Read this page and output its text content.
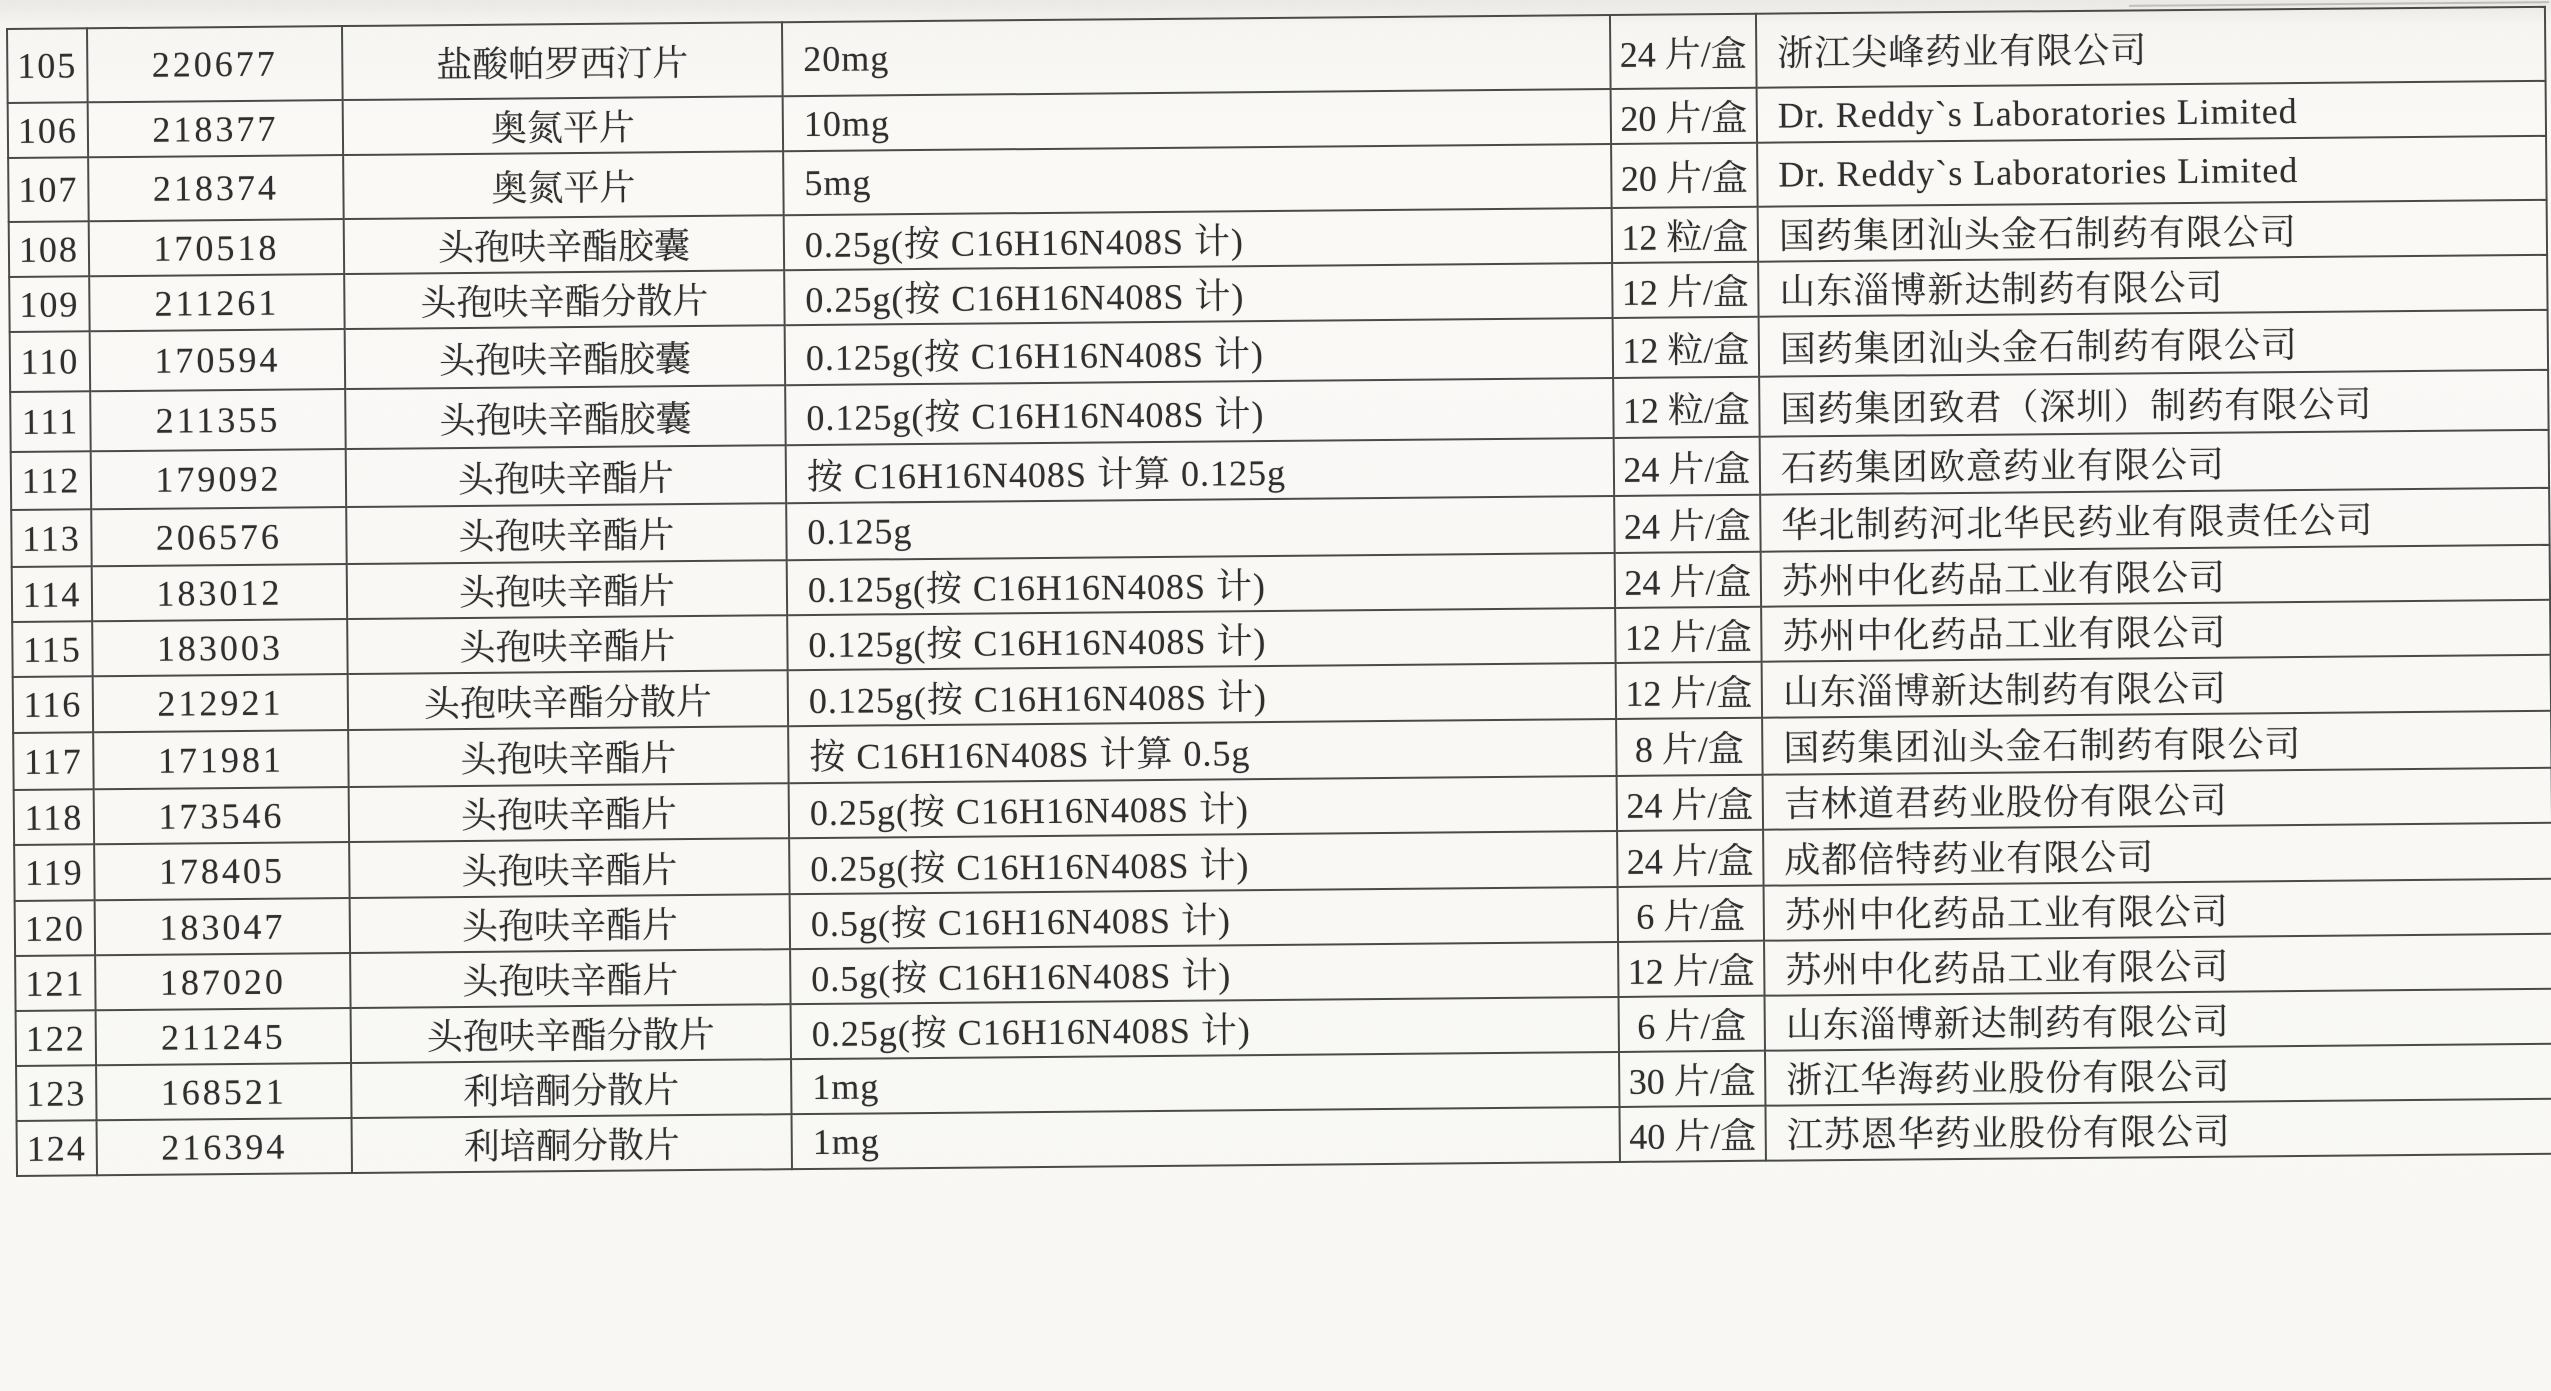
105	220677	盐酸帕罗西汀片	20mg	24 片/盒	浙江尖峰药业有限公司
106	218377	奥氮平片	10mg	20 片/盒	Dr. Reddy`s Laboratories Limited
107	218374	奥氮平片	5mg	20 片/盒	Dr. Reddy`s Laboratories Limited
108	170518	头孢呋辛酯胶囊	0.25g(按 C16H16N408S 计)	12 粒/盒	国药集团汕头金石制药有限公司
109	211261	头孢呋辛酯分散片	0.25g(按 C16H16N408S 计)	12 片/盒	山东淄博新达制药有限公司
110	170594	头孢呋辛酯胶囊	0.125g(按 C16H16N408S 计)	12 粒/盒	国药集团汕头金石制药有限公司
111	211355	头孢呋辛酯胶囊	0.125g(按 C16H16N408S 计)	12 粒/盒	国药集团致君（深圳）制药有限公司
112	179092	头孢呋辛酯片	按 C16H16N408S 计算 0.125g	24 片/盒	石药集团欧意药业有限公司
113	206576	头孢呋辛酯片	0.125g	24 片/盒	华北制药河北华民药业有限责任公司
114	183012	头孢呋辛酯片	0.125g(按 C16H16N408S 计)	24 片/盒	苏州中化药品工业有限公司
115	183003	头孢呋辛酯片	0.125g(按 C16H16N408S 计)	12 片/盒	苏州中化药品工业有限公司
116	212921	头孢呋辛酯分散片	0.125g(按 C16H16N408S 计)	12 片/盒	山东淄博新达制药有限公司
117	171981	头孢呋辛酯片	按 C16H16N408S 计算 0.5g	8 片/盒	国药集团汕头金石制药有限公司
118	173546	头孢呋辛酯片	0.25g(按 C16H16N408S 计)	24 片/盒	吉林道君药业股份有限公司
119	178405	头孢呋辛酯片	0.25g(按 C16H16N408S 计)	24 片/盒	成都倍特药业有限公司
120	183047	头孢呋辛酯片	0.5g(按 C16H16N408S 计)	6 片/盒	苏州中化药品工业有限公司
121	187020	头孢呋辛酯片	0.5g(按 C16H16N408S 计)	12 片/盒	苏州中化药品工业有限公司
122	211245	头孢呋辛酯分散片	0.25g(按 C16H16N408S 计)	6 片/盒	山东淄博新达制药有限公司
123	168521	利培酮分散片	1mg	30 片/盒	浙江华海药业股份有限公司
124	216394	利培酮分散片	1mg	40 片/盒	江苏恩华药业股份有限公司
